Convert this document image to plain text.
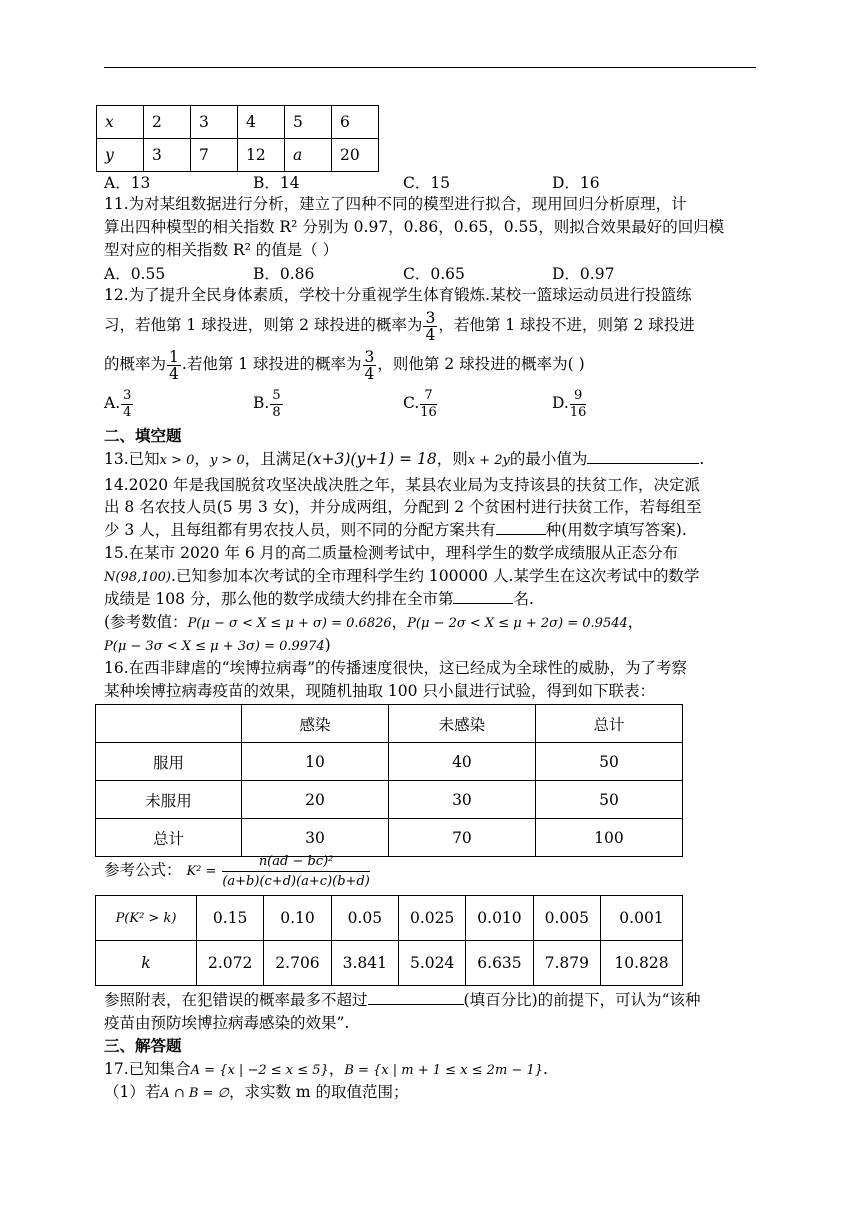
x	2	3	4	5	6
y	3	7	12	a	20
A．13	B．14	C．15	D．16
11.为对某组数据进行分析，建立了四种不同的模型进行拟合，现用回归分析原理，计
算出四种模型的相关指数 R² 分别为 0.97，0.86，0.65，0.55，则拟合效果最好的回归模
型对应的相关指数 R² 的值是（ ）
A．0.55	B．0.86	C．0.65	D．0.97
12.为了提升全民身体素质，学校十分重视学生体育锻炼.某校一篮球运动员进行投篮练
习，若他第 1 球投进，则第 2 球投进的概率为 $\frac{3}{4}$ ，若他第 1 球投不进，则第 2 球投进
的概率为 $\frac{1}{4}$ .若他第 1 球投进的概率为 $\frac{3}{4}$ ，则他第 2 球投进的概率为( )
A. $\frac{3}{4}$	B. $\frac{5}{8}$	C. $\frac{7}{16}$	D. $\frac{9}{16}$
二、填空题
13.已知x > 0，y > 0，且满足(x+3)(y+1) = 18，则x + 2y的最小值为	.
14.2020 年是我国脱贫攻坚决战决胜之年，某县农业局为支持该县的扶贫工作，决定派
出 8 名农技人员(5 男 3 女)，并分成两组，分配到 2 个贫困村进行扶贫工作，若每组至
少 3 人，且每组都有男农技人员，则不同的分配方案共有	种(用数字填写答案).
15.在某市 2020 年 6 月的高二质量检测考试中，理科学生的数学成绩服从正态分布
N(98,100).已知参加本次考试的全市理科学生约 100000 人.某学生在这次考试中的数学
成绩是 108 分，那么他的数学成绩大约排在全市第	名.
(参考数值：P(μ − σ < X ≤ μ + σ) = 0.6826，P(μ − 2σ < X ≤ μ + 2σ) = 0.9544，
P(μ − 3σ < X ≤ μ + 3σ) = 0.9974)
16.在西非肆虐的“埃博拉病毒”的传播速度很快，这已经成为全球性的威胁，为了考察
某种埃博拉病毒疫苗的效果，现随机抽取 100 只小鼠进行试验，得到如下联表：
	感染	未感染	总计
服用	10	40	50
未服用	20	30	50
总计	30	70	100
参考公式： $K^2 = \frac{\text{n(ad − bc)²}}{(a+b)(c+d)(a+c)(b+d)}$
P(K² > k)	0.15	0.10	0.05	0.025	0.010	0.005	0.001
k	2.072	2.706	3.841	5.024	6.635	7.879	10.828
参照附表，在犯错误的概率最多不超过	(填百分比)的前提下，可认为“该种
疫苗由预防埃博拉病毒感染的效果”.
三、解答题
17.已知集合A = {x | −2 ≤ x ≤ 5}，B = {x | m + 1 ≤ x ≤ 2m − 1}.
（1）若A ∩ B = ∅，求实数 m 的取值范围；
